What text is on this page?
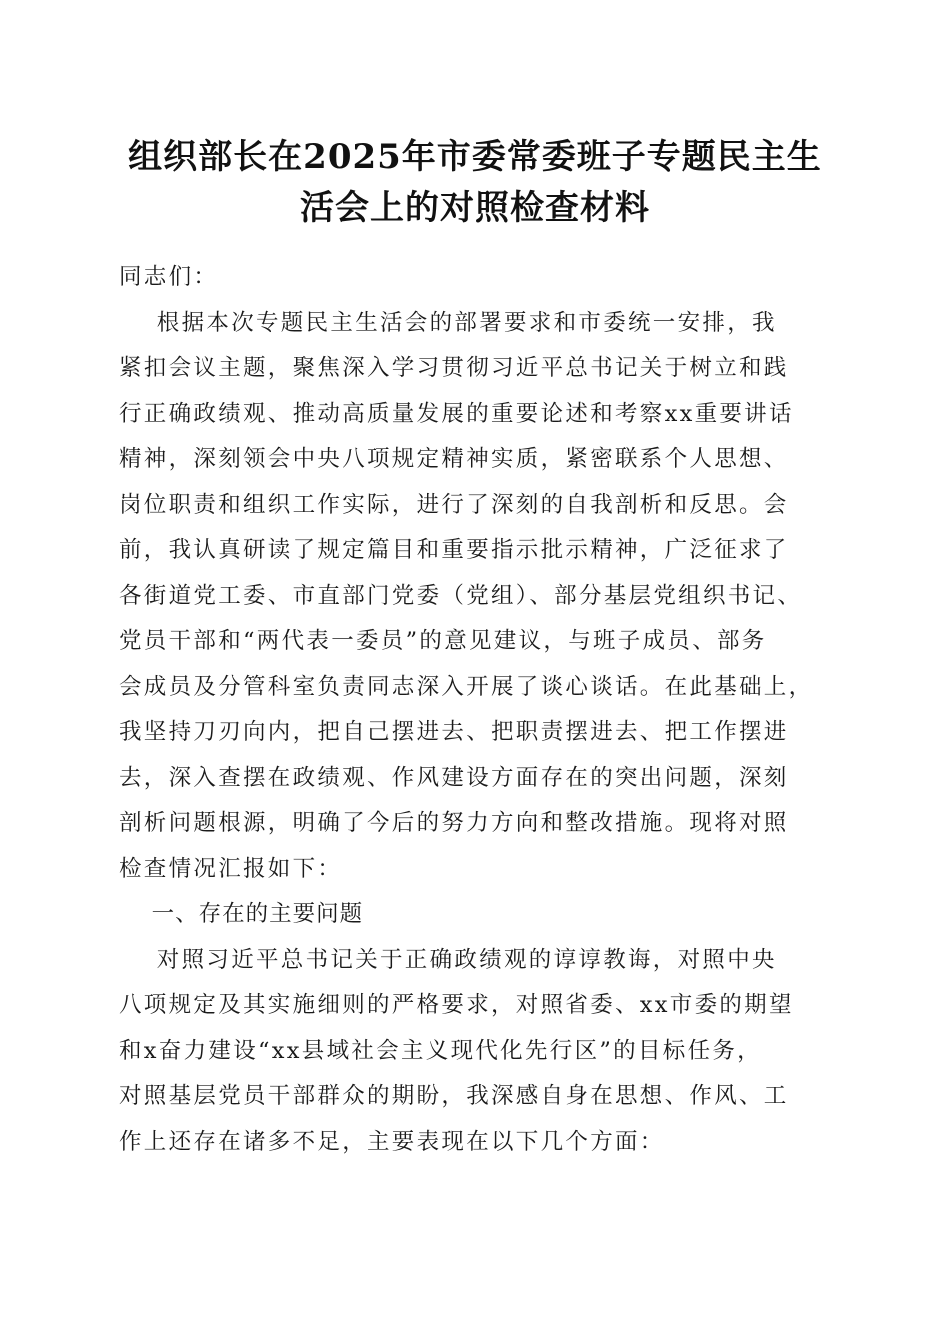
组织部长在2025年市委常委班子专题民主生
活会上的对照检查材料

同志们：

根据本次专题民主生活会的部署要求和市委统一安排，我

紧扣会议主题，聚焦深入学习贯彻习近平总书记关于树立和践

行正确政绩观、推动高质量发展的重要论述和考察xx重要讲话

精神，深刻领会中央八项规定精神实质，紧密联系个人思想、

岗位职责和组织工作实际，进行了深刻的自我剖析和反思。会

前，我认真研读了规定篇目和重要指示批示精神，广泛征求了

各街道党工委、市直部门党委（党组）、部分基层党组织书记、

党员干部和“两代表一委员”的意见建议，与班子成员、部务

会成员及分管科室负责同志深入开展了谈心谈话。在此基础上，

我坚持刀刃向内，把自己摆进去、把职责摆进去、把工作摆进

去，深入查摆在政绩观、作风建设方面存在的突出问题，深刻

剖析问题根源，明确了今后的努力方向和整改措施。现将对照

检查情况汇报如下：

一、存在的主要问题

对照习近平总书记关于正确政绩观的谆谆教诲，对照中央

八项规定及其实施细则的严格要求，对照省委、xx市委的期望

和x奋力建设“xx县域社会主义现代化先行区”的目标任务，

对照基层党员干部群众的期盼，我深感自身在思想、作风、工

作上还存在诸多不足，主要表现在以下几个方面：
